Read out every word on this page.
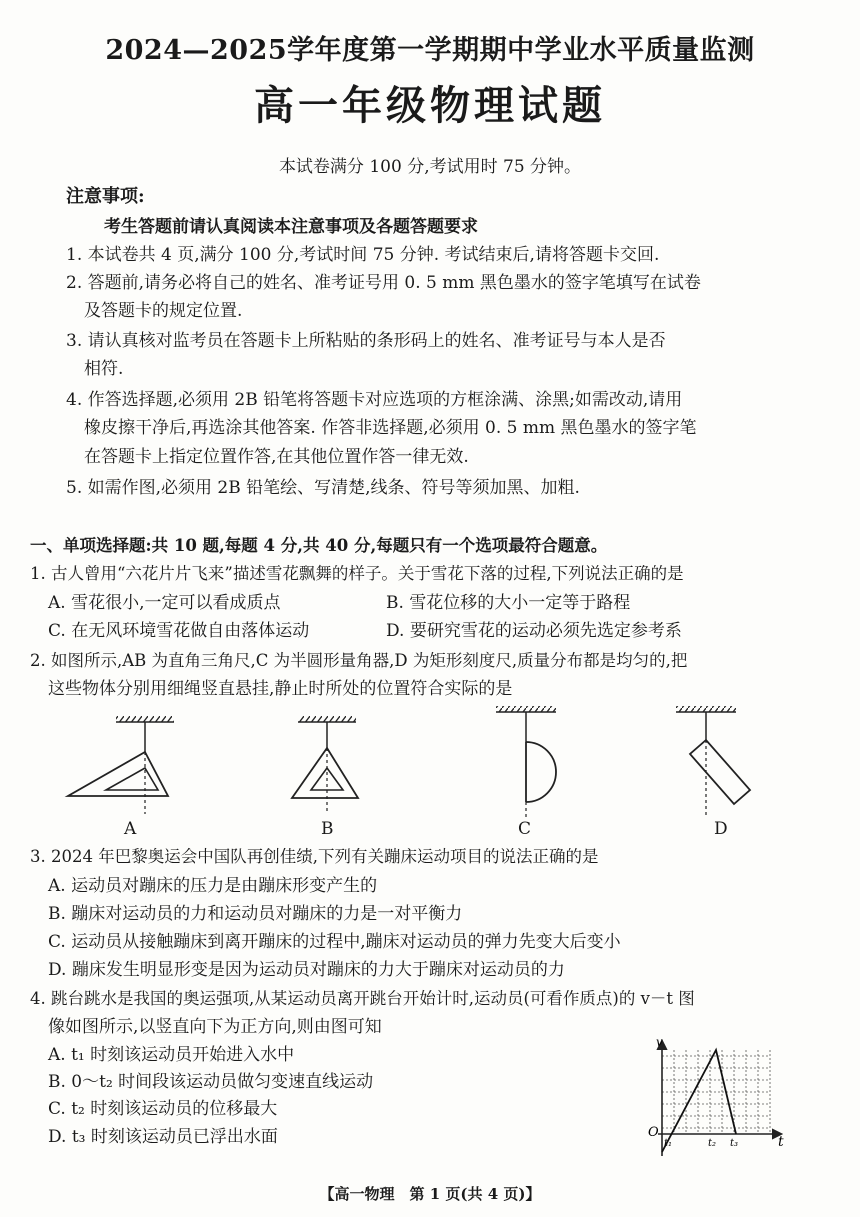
2024—2025学年度第一学期期中学业水平质量监测
高一年级物理试题
本试卷满分 100 分,考试用时 75 分钟。
注意事项:
考生答题前请认真阅读本注意事项及各题答题要求
1. 本试卷共 4 页,满分 100 分,考试时间 75 分钟. 考试结束后,请将答题卡交回.
2. 答题前,请务必将自己的姓名、准考证号用 0. 5 mm 黑色墨水的签字笔填写在试卷
及答题卡的规定位置.
3. 请认真核对监考员在答题卡上所粘贴的条形码上的姓名、准考证号与本人是否
相符.
4. 作答选择题,必须用 2B 铅笔将答题卡对应选项的方框涂满、涂黑;如需改动,请用
橡皮擦干净后,再选涂其他答案. 作答非选择题,必须用 0. 5 mm 黑色墨水的签字笔
在答题卡上指定位置作答,在其他位置作答一律无效.
5. 如需作图,必须用 2B 铅笔绘、写清楚,线条、符号等须加黑、加粗.
一、单项选择题:共 10 题,每题 4 分,共 40 分,每题只有一个选项最符合题意。
1. 古人曾用“六花片片飞来”描述雪花飘舞的样子。关于雪花下落的过程,下列说法正确的是
A. 雪花很小,一定可以看成质点	B. 雪花位移的大小一定等于路程
C. 在无风环境雪花做自由落体运动	D. 要研究雪花的运动必须先选定参考系
2. 如图所示,AB 为直角三角尺,C 为半圆形量角器,D 为矩形刻度尺,质量分布都是均匀的,把
这些物体分别用细绳竖直悬挂,静止时所处的位置符合实际的是
A	B	C	D
3. 2024 年巴黎奥运会中国队再创佳绩,下列有关蹦床运动项目的说法正确的是
A. 运动员对蹦床的压力是由蹦床形变产生的
B. 蹦床对运动员的力和运动员对蹦床的力是一对平衡力
C. 运动员从接触蹦床到离开蹦床的过程中,蹦床对运动员的弹力先变大后变小
D. 蹦床发生明显形变是因为运动员对蹦床的力大于蹦床对运动员的力
4. 跳台跳水是我国的奥运强项,从某运动员离开跳台开始计时,运动员(可看作质点)的 v－t 图
像如图所示,以竖直向下为正方向,则由图可知
A. t₁ 时刻该运动员开始进入水中
B. 0～t₂ 时间段该运动员做匀变速直线运动
C. t₂ 时刻该运动员的位移最大
D. t₃ 时刻该运动员已浮出水面
v
t
O
t₁	t₂ t₃
【高一物理　第 1 页(共 4 页)】
